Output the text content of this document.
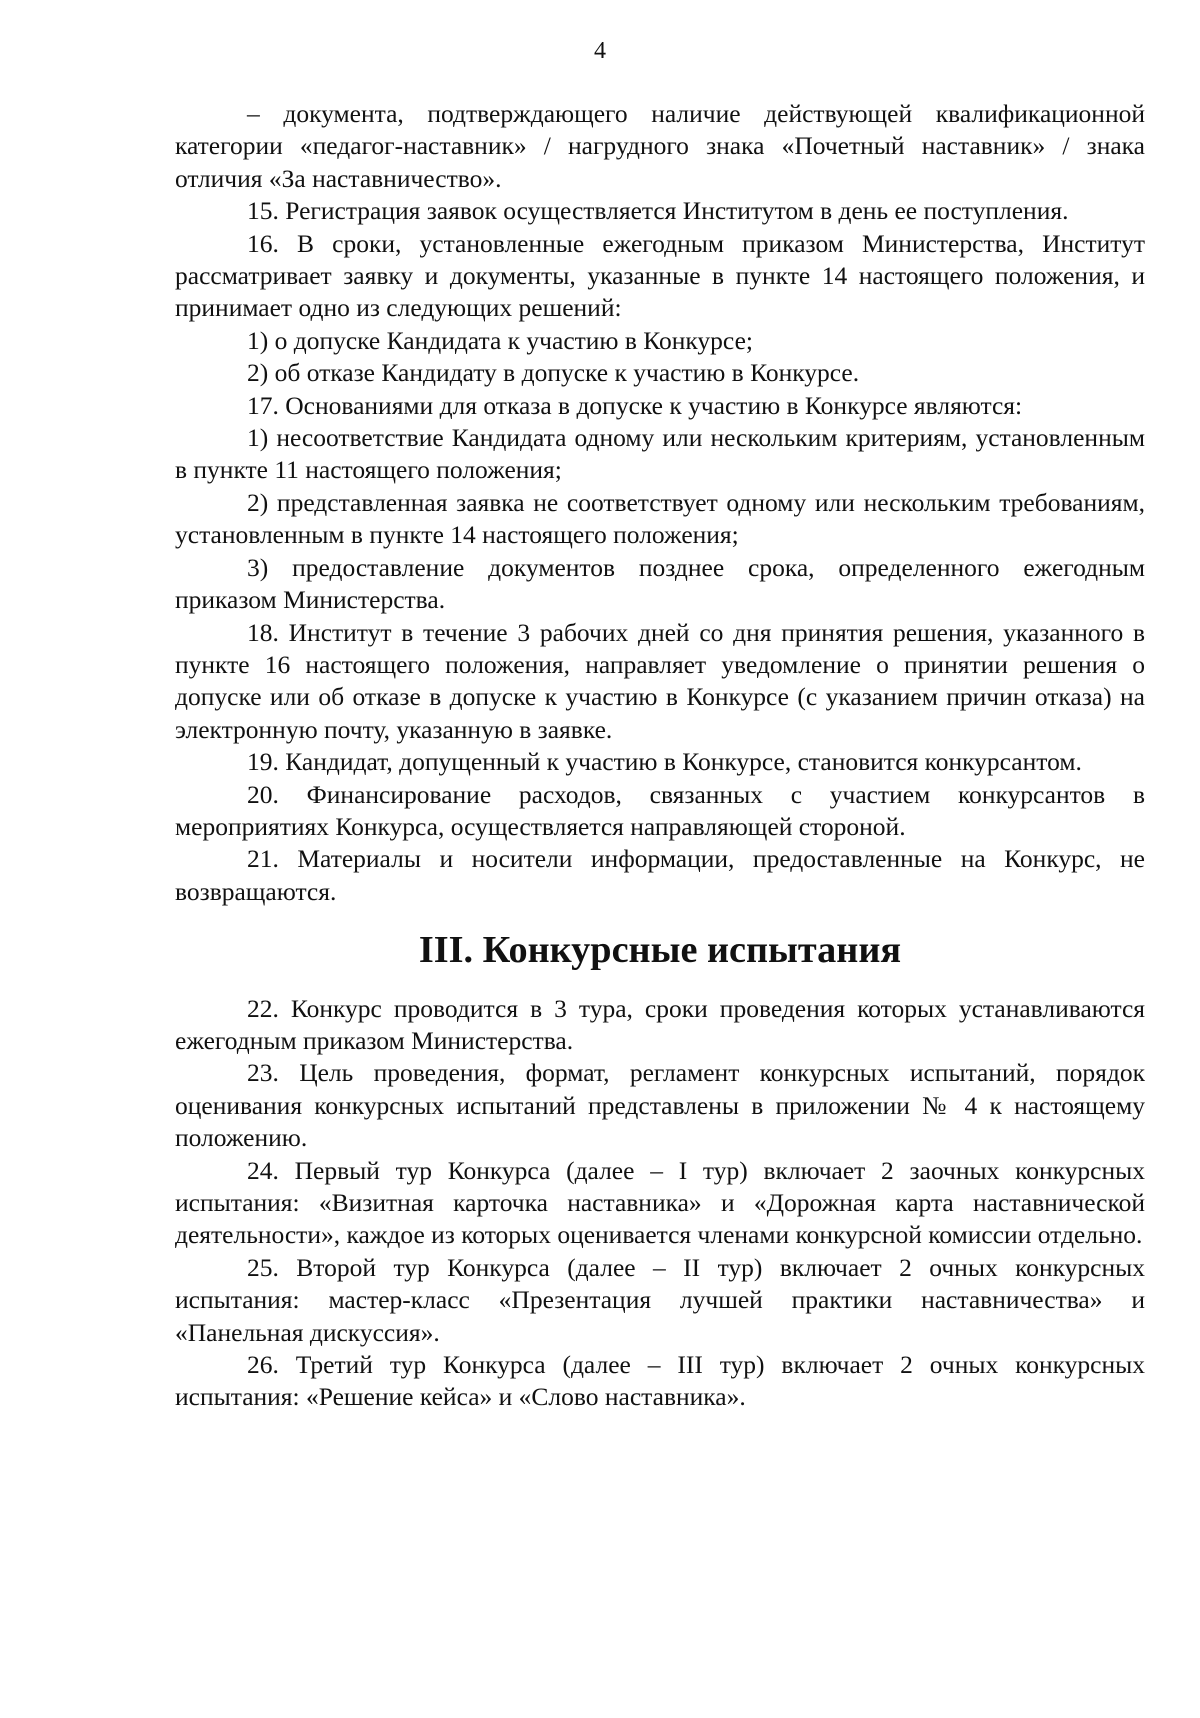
4

– документа, подтверждающего наличие действующей квалификационной категории «педагог-наставник» / нагрудного знака «Почетный наставник» / знака отличия «За наставничество».

15. Регистрация заявок осуществляется Институтом в день ее поступления.

16. В сроки, установленные ежегодным приказом Министерства, Институт рассматривает заявку и документы, указанные в пункте 14 настоящего положения, и принимает одно из следующих решений:

1) о допуске Кандидата к участию в Конкурсе;

2) об отказе Кандидату в допуске к участию в Конкурсе.

17. Основаниями для отказа в допуске к участию в Конкурсе являются:

1) несоответствие Кандидата одному или нескольким критериям, установленным в пункте 11 настоящего положения;

2) представленная заявка не соответствует одному или нескольким требованиям, установленным в пункте 14 настоящего положения;

3) предоставление документов позднее срока, определенного ежегодным приказом Министерства.

18. Институт в течение 3 рабочих дней со дня принятия решения, указанного в пункте 16 настоящего положения, направляет уведомление о принятии решения о допуске или об отказе в допуске к участию в Конкурсе (с указанием причин отказа) на электронную почту, указанную в заявке.

19. Кандидат, допущенный к участию в Конкурсе, становится конкурсантом.

20. Финансирование расходов, связанных с участием конкурсантов в мероприятиях Конкурса, осуществляется направляющей стороной.

21. Материалы и носители информации, предоставленные на Конкурс, не возвращаются.

III. Конкурсные испытания

22. Конкурс проводится в 3 тура, сроки проведения которых устанавливаются ежегодным приказом Министерства.

23. Цель проведения, формат, регламент конкурсных испытаний, порядок оценивания конкурсных испытаний представлены в приложении № 4 к настоящему положению.

24. Первый тур Конкурса (далее – I тур) включает 2 заочных конкурсных испытания: «Визитная карточка наставника» и «Дорожная карта наставнической деятельности», каждое из которых оценивается членами конкурсной комиссии отдельно.

25. Второй тур Конкурса (далее – II тур) включает 2 очных конкурсных испытания: мастер-класс «Презентация лучшей практики наставничества» и «Панельная дискуссия».

26. Третий тур Конкурса (далее – III тур) включает 2 очных конкурсных испытания: «Решение кейса» и «Слово наставника».
